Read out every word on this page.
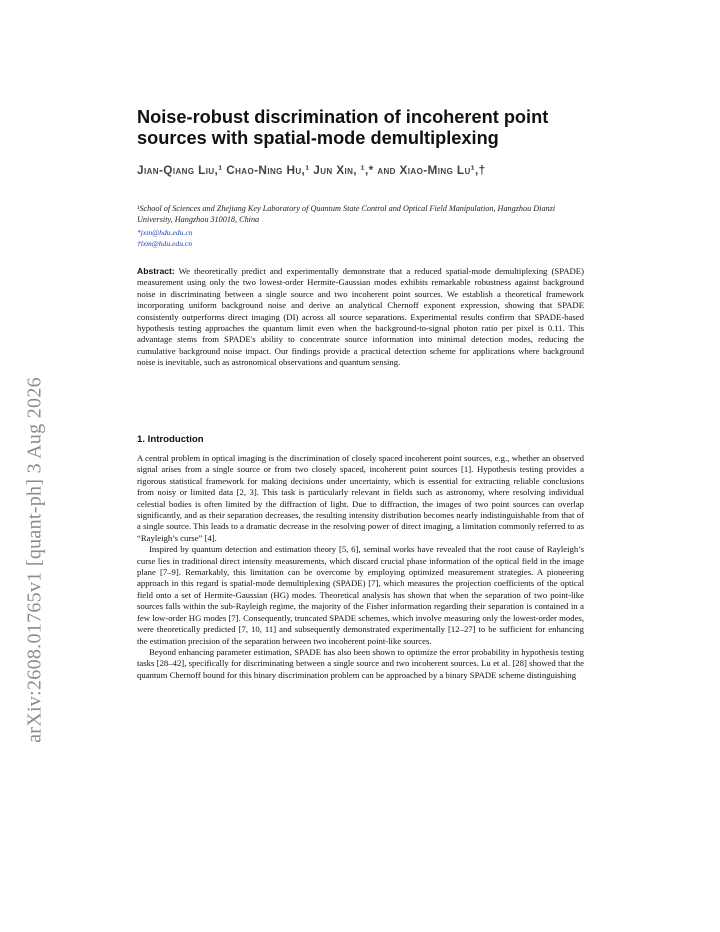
arXiv:2608.01765v1 [quant-ph] 3 Aug 2026
Noise-robust discrimination of incoherent point sources with spatial-mode demultiplexing
Jian-Qiang Liu,¹ Chao-Ning Hu,¹ Jun Xin, ¹,* and Xiao-Ming Lu¹,†
¹School of Sciences and Zhejiang Key Laboratory of Quantum State Control and Optical Field Manipulation, Hangzhou Dianzi University, Hangzhou 310018, China
*jxin@hdu.edu.cn
†lxm@hdu.edu.cn
Abstract: We theoretically predict and experimentally demonstrate that a reduced spatial-mode demultiplexing (SPADE) measurement using only the two lowest-order Hermite-Gaussian modes exhibits remarkable robustness against background noise in discriminating between a single source and two incoherent point sources. We establish a theoretical framework incorporating uniform background noise and derive an analytical Chernoff exponent expression, showing that SPADE consistently outperforms direct imaging (DI) across all source separations. Experimental results confirm that SPADE-based hypothesis testing approaches the quantum limit even when the background-to-signal photon ratio per pixel is 0.11. This advantage stems from SPADE's ability to concentrate source information into minimal detection modes, reducing the cumulative background noise impact. Our findings provide a practical detection scheme for applications where background noise is inevitable, such as astronomical observations and quantum sensing.
1. Introduction

A central problem in optical imaging is the discrimination of closely spaced incoherent point sources, e.g., whether an observed signal arises from a single source or from two closely spaced, incoherent point sources [1]. Hypothesis testing provides a rigorous statistical framework for making decisions under uncertainty, which is essential for extracting reliable conclusions from noisy or limited data [2, 3]. This task is particularly relevant in fields such as astronomy, where resolving individual celestial bodies is often limited by the diffraction of light. Due to diffraction, the images of two point sources can overlap significantly, and as their separation decreases, the resulting intensity distribution becomes nearly indistinguishable from that of a single source. This leads to a dramatic decrease in the resolving power of direct imaging, a limitation commonly referred to as “Rayleigh’s curse” [4].

Inspired by quantum detection and estimation theory [5, 6], seminal works have revealed that the root cause of Rayleigh’s curse lies in traditional direct intensity measurements, which discard crucial phase information of the optical field in the image plane [7–9]. Remarkably, this limitation can be overcome by employing optimized measurement strategies. A pioneering approach in this regard is spatial-mode demultiplexing (SPADE) [7], which measures the projection coefficients of the optical field onto a set of Hermite-Gaussian (HG) modes. Theoretical analysis has shown that when the separation of two point-like sources falls within the sub-Rayleigh regime, the majority of the Fisher information regarding their separation is contained in a few low-order HG modes [7]. Consequently, truncated SPADE schemes, which involve measuring only the lowest-order modes, were theoretically predicted [7, 10, 11] and subsequently demonstrated experimentally [12–27] to be sufficient for enhancing the estimation precision of the separation between two incoherent point-like sources.

Beyond enhancing parameter estimation, SPADE has also been shown to optimize the error probability in hypothesis testing tasks [28–42], specifically for discriminating between a single source and two incoherent sources. Lu et al. [28] showed that the quantum Chernoff bound for this binary discrimination problem can be approached by a binary SPADE scheme distinguishing
